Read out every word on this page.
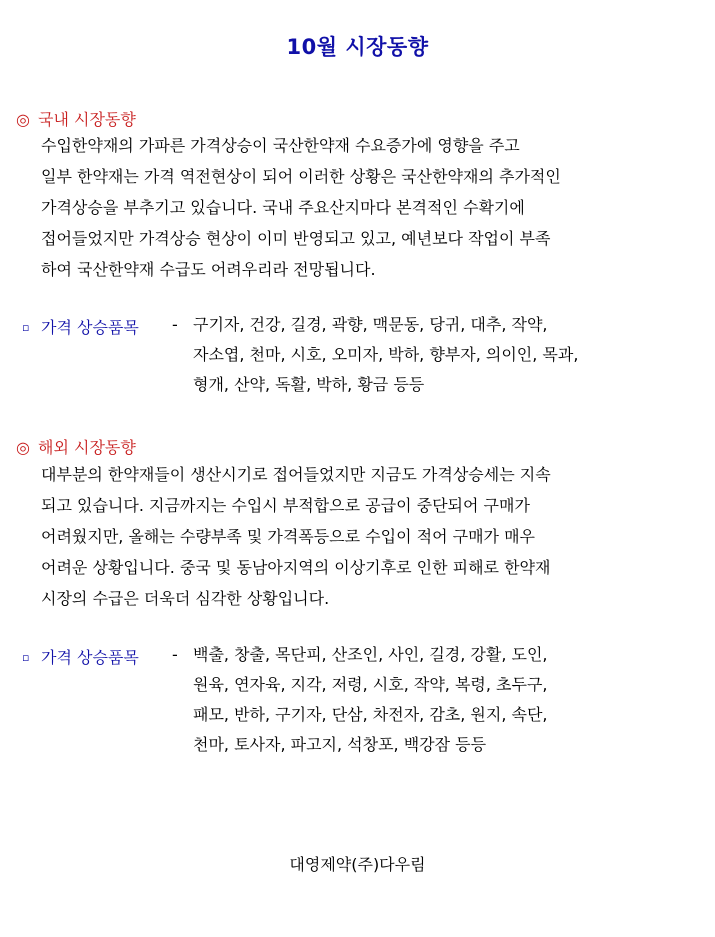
10월 시장동향
◎ 국내 시장동향
수입한약재의 가파른 가격상승이 국산한약재 수요증가에 영향을 주고
일부 한약재는 가격 역전현상이 되어 이러한 상황은 국산한약재의 추가적인
가격상승을 부추기고 있습니다. 국내 주요산지마다 본격적인 수확기에
접어들었지만 가격상승 현상이 이미 반영되고 있고, 예년보다 작업이 부족
하여 국산한약재 수급도 어려우리라 전망됩니다.
▫ 가격 상승품목 - 구기자, 건강, 길경, 곽향, 맥문동, 당귀, 대추, 작약,
자소엽, 천마, 시호, 오미자, 박하, 향부자, 의이인, 목과,
형개, 산약, 독활, 박하, 황금 등등
◎ 해외 시장동향
대부분의 한약재들이 생산시기로 접어들었지만 지금도 가격상승세는 지속
되고 있습니다. 지금까지는 수입시 부적합으로 공급이 중단되어 구매가
어려웠지만, 올해는 수량부족 및 가격폭등으로 수입이 적어 구매가 매우
어려운 상황입니다. 중국 및 동남아지역의 이상기후로 인한 피해로 한약재
시장의 수급은 더욱더 심각한 상황입니다.
▫ 가격 상승품목 - 백출, 창출, 목단피, 산조인, 사인, 길경, 강활, 도인,
원육, 연자육, 지각, 저령, 시호, 작약, 복령, 초두구,
패모, 반하, 구기자, 단삼, 차전자, 감초, 원지, 속단,
천마, 토사자, 파고지, 석창포, 백강잠 등등
대영제약(주)다우림
